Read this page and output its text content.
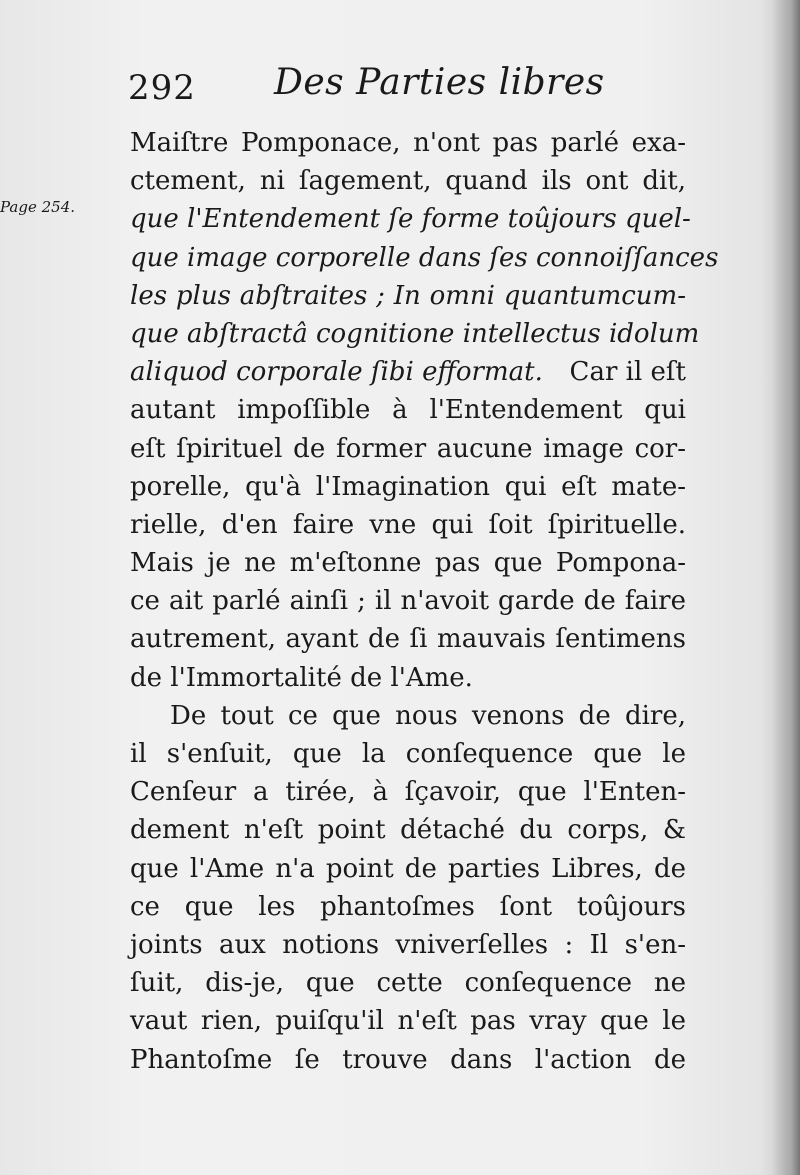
292 Des Parties libres
Page 254.
Maiſtre Pomponace, n'ont pas parlé exa-
ctement, ni ſagement, quand ils ont dit,
que l'Entendement ſe forme toûjours quel-
que image corporelle dans ſes connoiſſances
les plus abſtraites ; In omni quantumcum-
que abſtractâ cognitione intellectus idolum
aliquod corporale ſibi efformat. Car il eſt
autant impoſſible à l'Entendement qui
eſt ſpirituel de former aucune image cor-
porelle, qu'à l'Imagination qui eſt mate-
rielle, d'en faire vne qui ſoit ſpirituelle.
Mais je ne m'eſtonne pas que Pompona-
ce ait parlé ainſi ; il n'avoit garde de faire
autrement, ayant de ſi mauvais ſentimens
de l'Immortalité de l'Ame.
De tout ce que nous venons de dire,
il s'enſuit, que la conſequence que le
Cenſeur a tirée, à ſçavoir, que l'Enten-
dement n'eſt point détaché du corps, &
que l'Ame n'a point de parties Libres, de
ce que les phantoſmes ſont toûjours
joints aux notions vniverſelles : Il s'en-
ſuit, dis-je, que cette conſequence ne
vaut rien, puiſqu'il n'eſt pas vray que le
Phantoſme ſe trouve dans l'action de
